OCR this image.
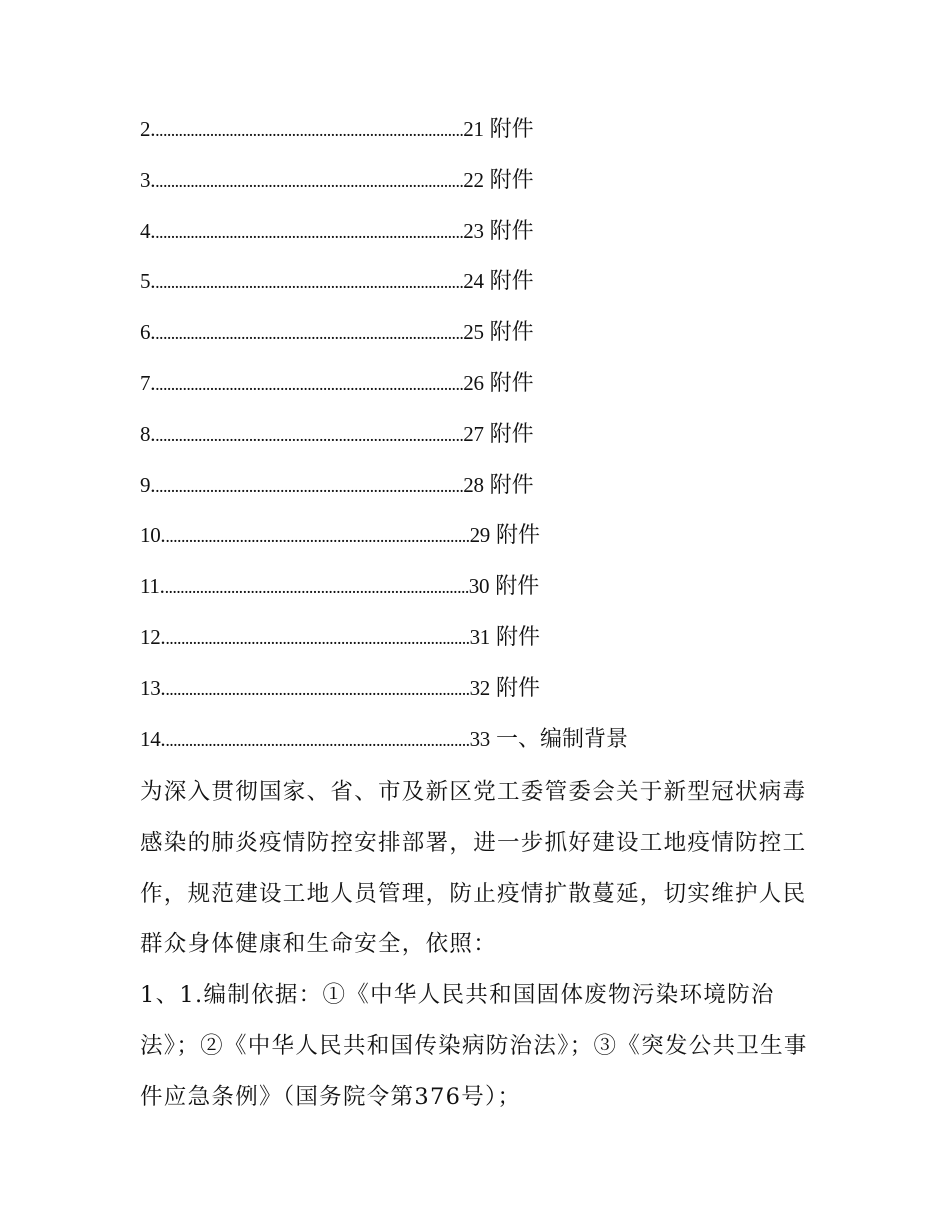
2................................................................................21 附件
3................................................................................22 附件
4................................................................................23 附件
5................................................................................24 附件
6................................................................................25 附件
7................................................................................26 附件
8................................................................................27 附件
9................................................................................28 附件
10...............................................................................29 附件
11...............................................................................30 附件
12...............................................................................31 附件
13...............................................................................32 附件
14...............................................................................33 一、编制背景

为深入贯彻国家、省、市及新区党工委管委会关于新型冠状病毒感染的肺炎疫情防控安排部署，进一步抓好建设工地疫情防控工作，规范建设工地人员管理，防止疫情扩散蔓延，切实维护人民群众身体健康和生命安全，依照：

1、1.编制依据：①《中华人民共和国固体废物污染环境防治法》；②《中华人民共和国传染病防治法》；③《突发公共卫生事件应急条例》（国务院令第376号）；
